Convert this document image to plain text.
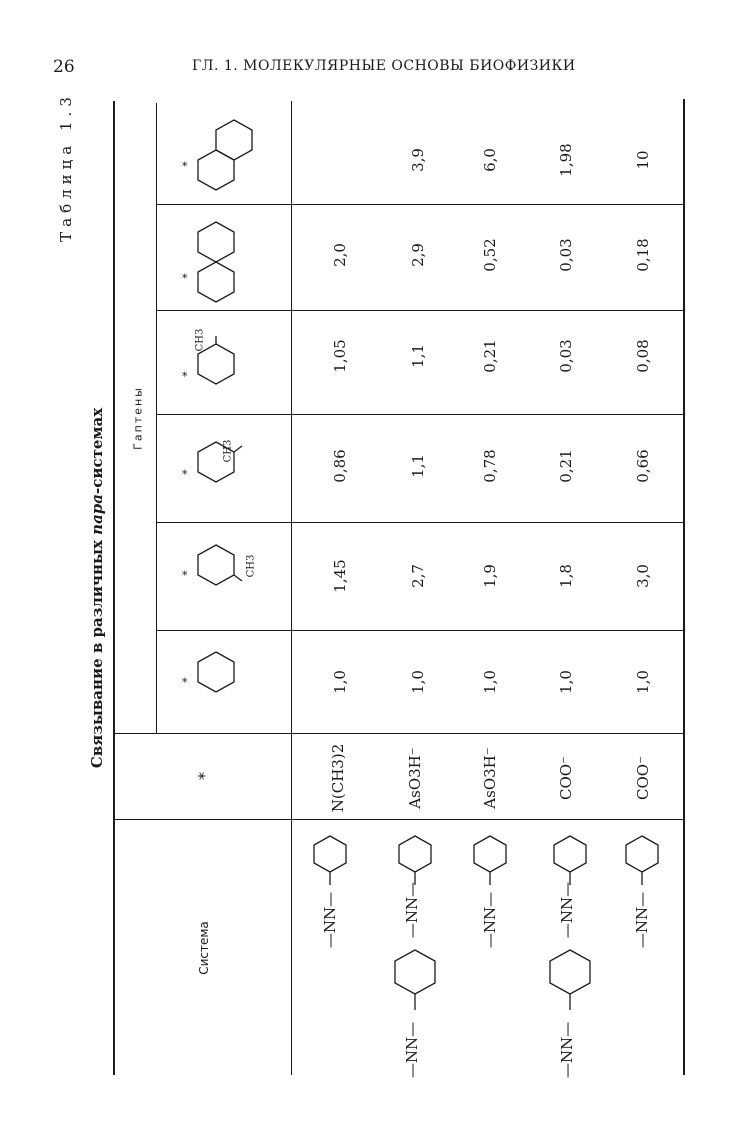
26	ГЛ. 1. МОЛЕКУЛЯРНЫЕ ОСНОВЫ БИОФИЗИКИ
Таблица 1.3
Связывание в различных пара-системах
Система
*
Гаптены
*
*	CH3
*
CH3
*
CH3
*
*
—NN—
N(CH3)2
1,0
1,45
0,86
1,05
2,0
—NN—
—NN—
AsO3H⁻
1,0
2,7
1,1
1,1
2,9
3,9
—NN—
AsO3H⁻
1,0
1,9
0,78
0,21
0,52
6,0
—NN—
—NN—
COO⁻
1,0
1,8
0,21
0,03
0,03
1,98
—NN—
COO⁻
1,0
3,0
0,66
0,08
0,18
10
